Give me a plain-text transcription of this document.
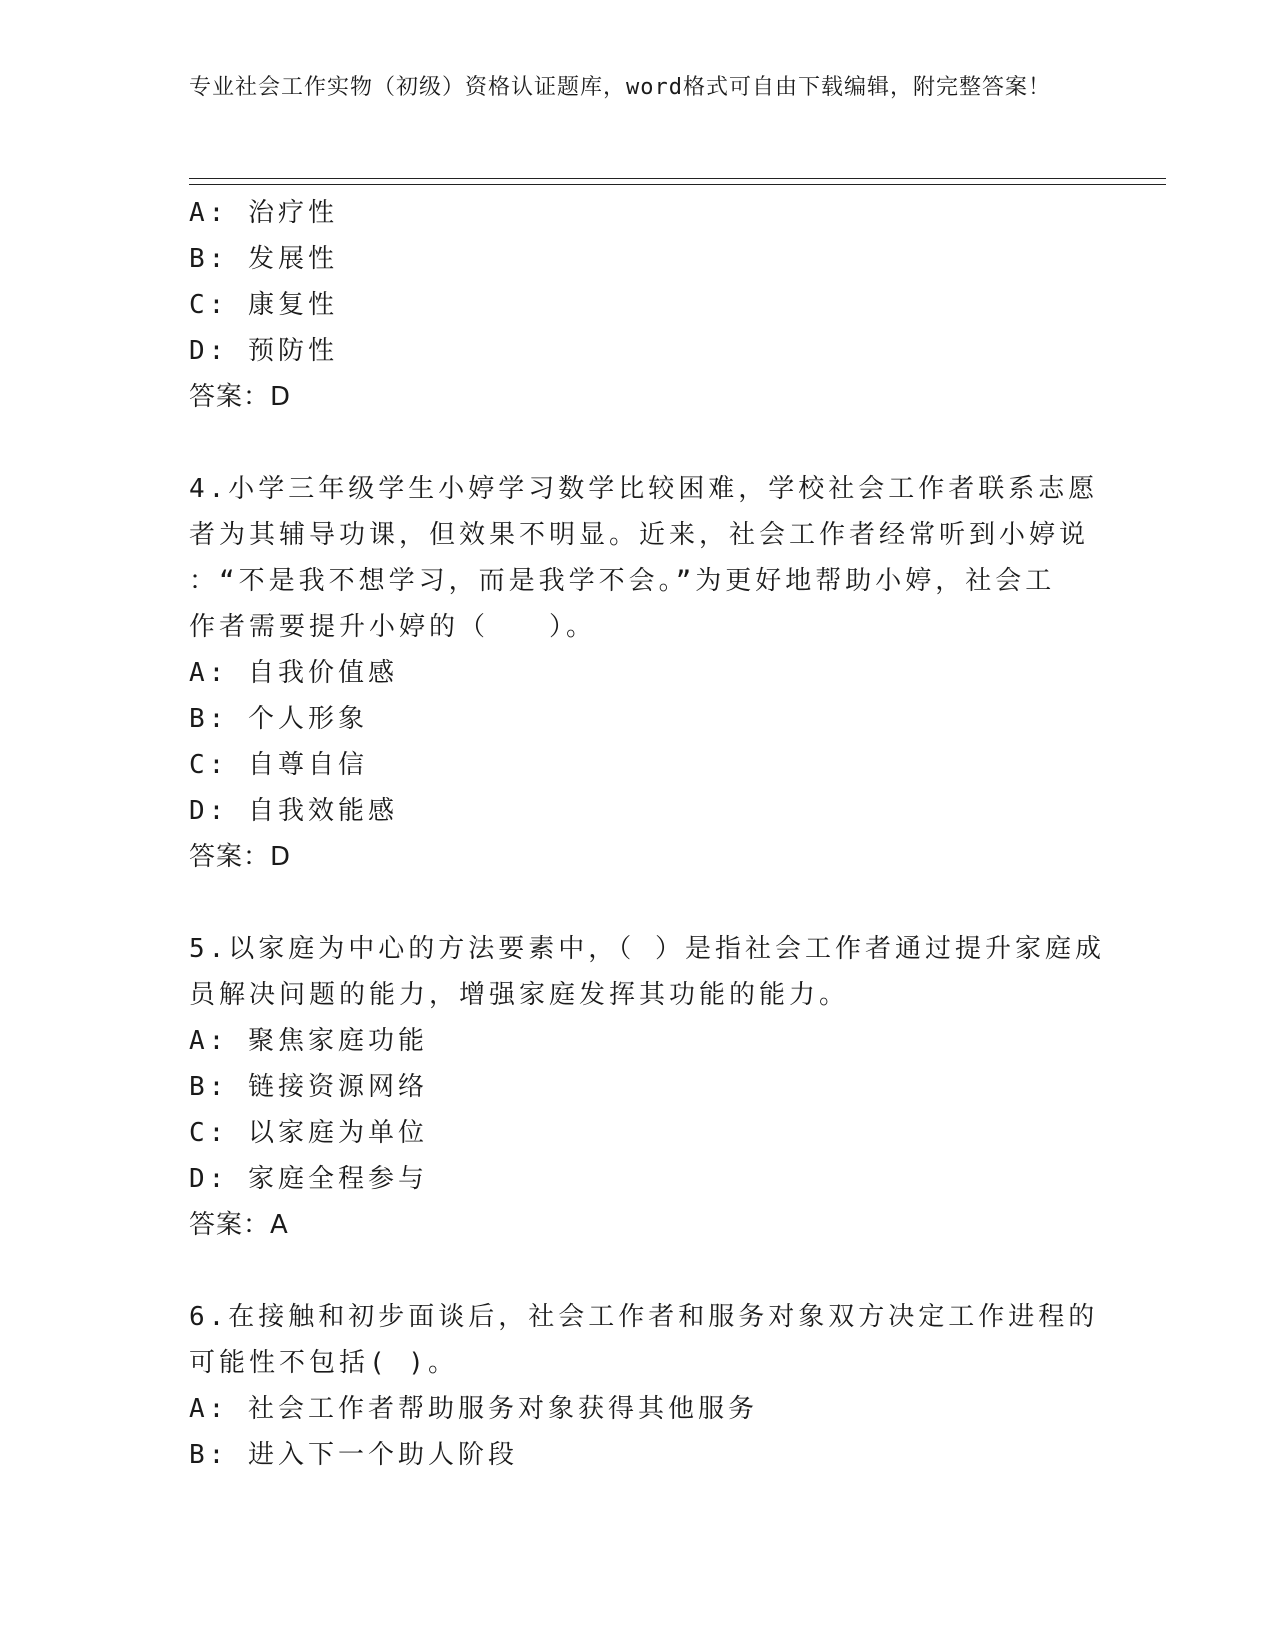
专业社会工作实物（初级）资格认证题库，word格式可自由下载编辑，附完整答案！
A: 治疗性
B: 发展性
C: 康复性
D: 预防性
答案：D
4.小学三年级学生小婷学习数学比较困难，学校社会工作者联系志愿
者为其辅导功课，但效果不明显。近来，社会工作者经常听到小婷说
：“不是我不想学习，而是我学不会。”为更好地帮助小婷，社会工
作者需要提升小婷的（　　）。
A: 自我价值感
B: 个人形象
C: 自尊自信
D: 自我效能感
答案：D
5.以家庭为中心的方法要素中，（ ）是指社会工作者通过提升家庭成
员解决问题的能力，增强家庭发挥其功能的能力。
A: 聚焦家庭功能
B: 链接资源网络
C: 以家庭为单位
D: 家庭全程参与
答案：A
6.在接触和初步面谈后，社会工作者和服务对象双方决定工作进程的
可能性不包括( )。
A: 社会工作者帮助服务对象获得其他服务
B: 进入下一个助人阶段
